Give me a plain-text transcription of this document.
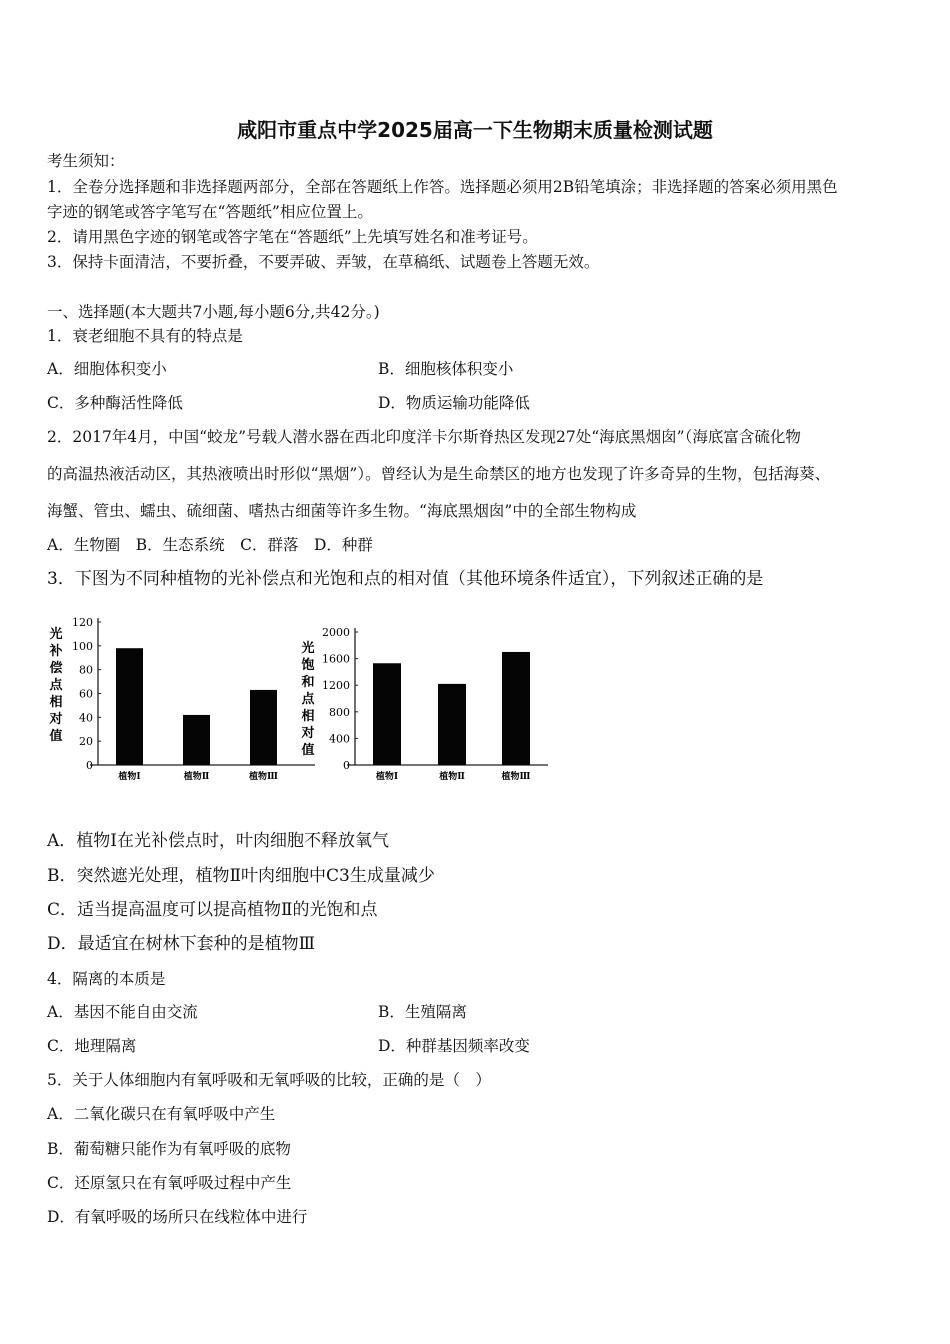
咸阳市重点中学2025届高一下生物期末质量检测试题
考生须知：
1．全卷分选择题和非选择题两部分，全部在答题纸上作答。选择题必须用2B铅笔填涂；非选择题的答案必须用黑色
字迹的钢笔或答字笔写在“答题纸”相应位置上。
2．请用黑色字迹的钢笔或答字笔在“答题纸”上先填写姓名和准考证号。
3．保持卡面清洁，不要折叠，不要弄破、弄皱，在草稿纸、试题卷上答题无效。
一、选择题(本大题共7小题,每小题6分,共42分。)
1．衰老细胞不具有的特点是
A．细胞体积变小	B．细胞核体积变小
C．多种酶活性降低	D．物质运输功能降低
2．2017年4月，中国“蛟龙”号载人潜水器在西北印度洋卡尔斯脊热区发现27处“海底黑烟囱”（海底富含硫化物
的高温热液活动区，其热液喷出时形似“黑烟”）。曾经认为是生命禁区的地方也发现了许多奇异的生物，包括海葵、
海蟹、管虫、蠕虫、硫细菌、嗜热古细菌等许多生物。“海底黑烟囱”中的全部生物构成
A．生物圈　B．生态系统　C．群落　D．种群
3．下图为不同种植物的光补偿点和光饱和点的相对值（其他环境条件适宜），下列叙述正确的是
0
20
40
60
80
100
120
植物Ⅰ	植物Ⅱ	植物Ⅲ
光
补
偿
点
相
对
值
0
400
800
1200
1600
2000
植物Ⅰ	植物Ⅱ	植物Ⅲ
光
饱
和
点
相
对
值
A．植物Ⅰ在光补偿点时，叶肉细胞不释放氧气
B．突然遮光处理，植物Ⅱ叶肉细胞中C3生成量减少
C．适当提高温度可以提高植物Ⅱ的光饱和点
D．最适宜在树林下套种的是植物Ⅲ
4．隔离的本质是
A．基因不能自由交流	B．生殖隔离
C．地理隔离	D．种群基因频率改变
5．关于人体细胞内有氧呼吸和无氧呼吸的比较，正确的是（　）
A．二氧化碳只在有氧呼吸中产生
B．葡萄糖只能作为有氧呼吸的底物
C．还原氢只在有氧呼吸过程中产生
D．有氧呼吸的场所只在线粒体中进行
